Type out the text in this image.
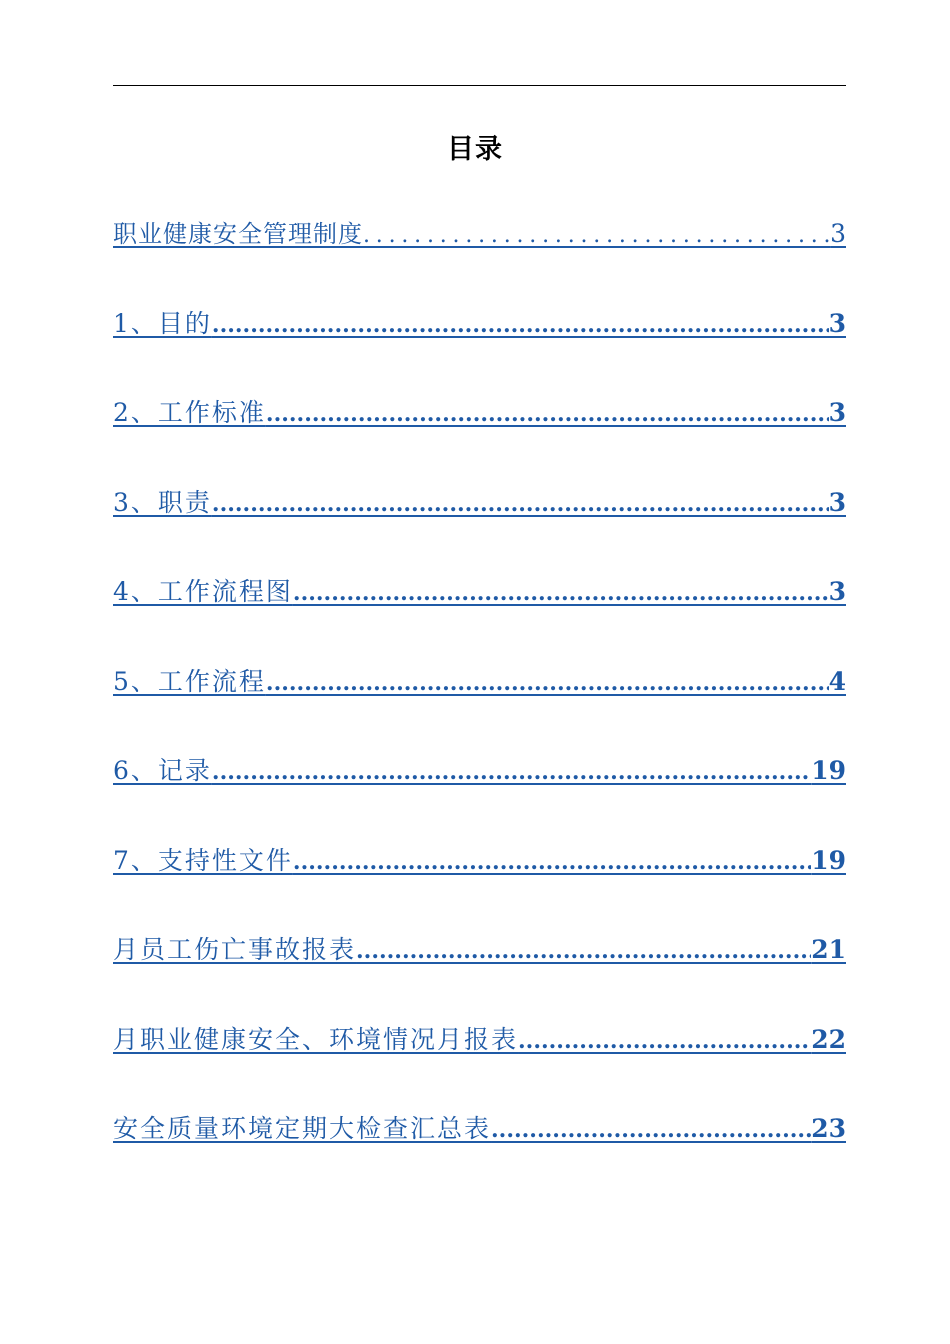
目录
职业健康安全管理制度 .....	3
1、目的 .....	3
2、工作标准 .....	3
3、职责 .....	3
4、工作流程图 .....	3
5、工作流程 .....	4
6、记录 .....	19
7、支持性文件 .....	19
月员工伤亡事故报表 .....	21
月职业健康安全、环境情况月报表 .....	22
安全质量环境定期大检查汇总表 .....	23
